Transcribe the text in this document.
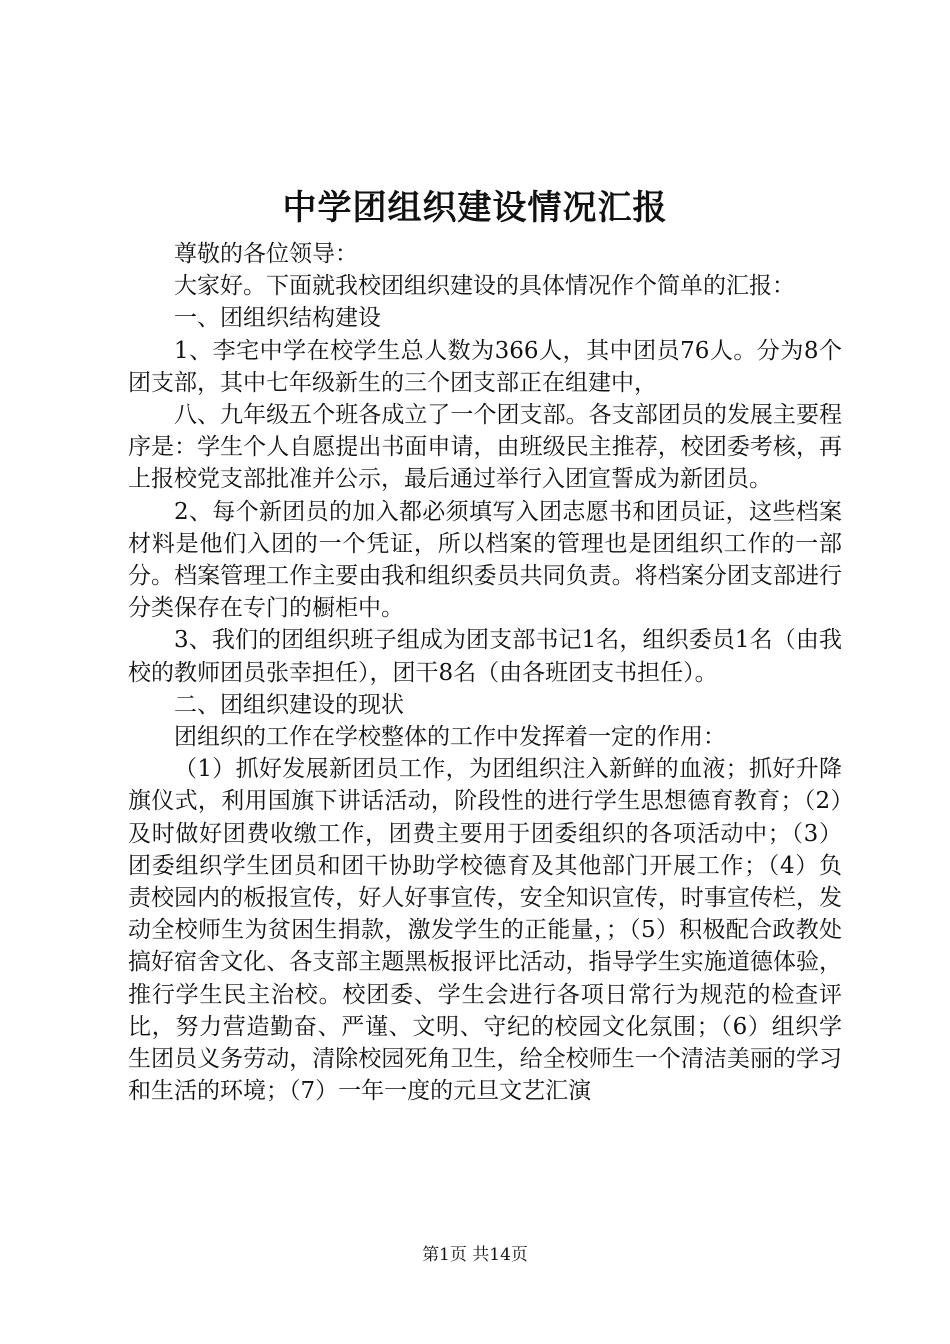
中学团组织建设情况汇报

尊敬的各位领导：

大家好。下面就我校团组织建设的具体情况作个简单的汇报：

一、团组织结构建设

1、李宅中学在校学生总人数为366人，其中团员76人。分为8个团支部，其中七年级新生的三个团支部正在组建中，

八、九年级五个班各成立了一个团支部。各支部团员的发展主要程序是：学生个人自愿提出书面申请，由班级民主推荐，校团委考核，再上报校党支部批准并公示，最后通过举行入团宣誓成为新团员。

2、每个新团员的加入都必须填写入团志愿书和团员证，这些档案材料是他们入团的一个凭证，所以档案的管理也是团组织工作的一部分。档案管理工作主要由我和组织委员共同负责。将档案分团支部进行分类保存在专门的橱柜中。

3、我们的团组织班子组成为团支部书记1名，组织委员1名（由我校的教师团员张幸担任），团干8名（由各班团支书担任）。

二、团组织建设的现状

团组织的工作在学校整体的工作中发挥着一定的作用：

（1）抓好发展新团员工作，为团组织注入新鲜的血液；抓好升降旗仪式，利用国旗下讲话活动，阶段性的进行学生思想德育教育；（2）及时做好团费收缴工作，团费主要用于团委组织的各项活动中；（3）团委组织学生团员和团干协助学校德育及其他部门开展工作；（4）负责校园内的板报宣传，好人好事宣传，安全知识宣传，时事宣传栏，发动全校师生为贫困生捐款，激发学生的正能量，；（5）积极配合政教处搞好宿舍文化、各支部主题黑板报评比活动，指导学生实施道德体验，推行学生民主治校。校团委、学生会进行各项日常行为规范的检查评比，努力营造勤奋、严谨、文明、守纪的校园文化氛围；（6）组织学生团员义务劳动，清除校园死角卫生，给全校师生一个清洁美丽的学习和生活的环境；（7）一年一度的元旦文艺汇演

第1页 共14页
